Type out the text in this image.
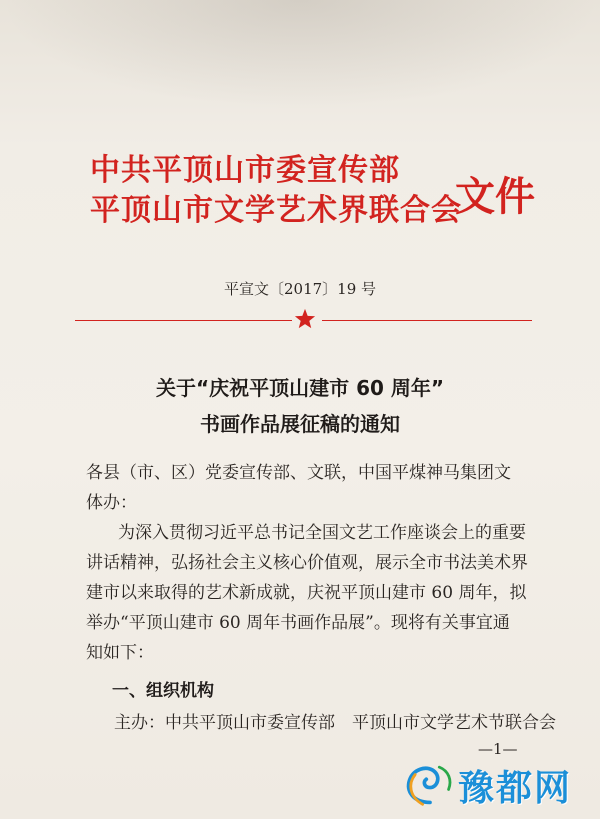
中共平顶山市委宣传部
平顶山市文学艺术界联合会
文件
平宣文〔2017〕19 号
关于“庆祝平顶山建市 60 周年”
书画作品展征稿的通知
各县（市、区）党委宣传部、文联，中国平煤神马集团文
体办：
为深入贯彻习近平总书记全国文艺工作座谈会上的重要
讲话精神，弘扬社会主义核心价值观，展示全市书法美术界
建市以来取得的艺术新成就，庆祝平顶山建市 60 周年，拟
举办“平顶山建市 60 周年书画作品展”。现将有关事宜通
知如下：
一、组织机构
主办：中共平顶山市委宣传部　平顶山市文学艺术节联合会
—1—
豫都网
